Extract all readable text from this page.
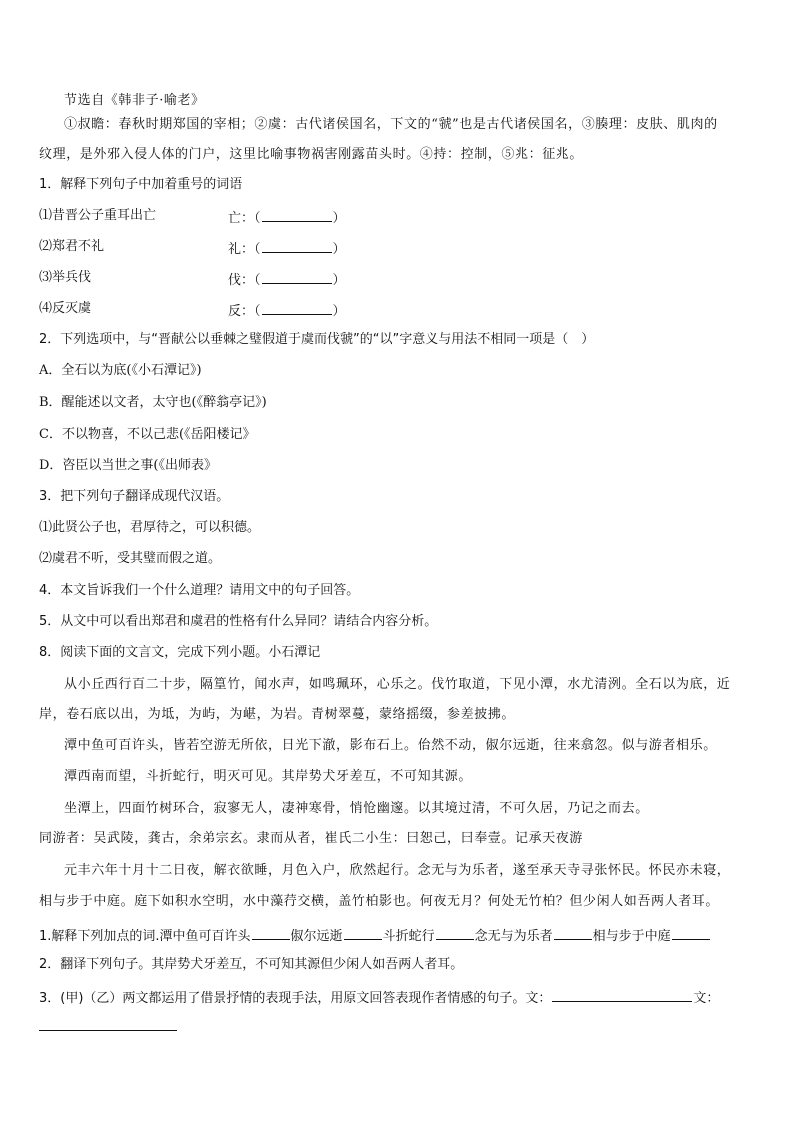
节选自《韩非子·喻老》
①叔瞻：春秋时期郑国的宰相；②虞：古代诸侯国名，下文的“虢”也是古代诸侯国名，③腠理：皮肤、肌肉的
纹理，是外邪入侵人体的门户，这里比喻事物祸害刚露苗头时。④持：控制，⑤兆：征兆。
1．解释下列句子中加着重号的词语
⑴昔晋公子重耳出亡	亡：（	）
⑵郑君不礼	礼：（	）
⑶举兵伐	伐：（	）
⑷反灭虞	反：（	）
2．下列选项中，与“晋献公以垂棘之璧假道于虞而伐虢”的“以”字意义与用法不相同一项是（　）
A．全石以为底(《小石潭记》)
B．醒能述以文者，太守也(《醉翁亭记》)
C．不以物喜，不以己悲(《岳阳楼记》
D．咨臣以当世之事(《出师表》
3．把下列句子翻译成现代汉语。
⑴此贤公子也，君厚待之，可以积德。
⑵虞君不听，受其璧而假之道。
4．本文旨诉我们一个什么道理？请用文中的句子回答。
5．从文中可以看出郑君和虞君的性格有什么异同？请结合内容分析。
8．阅读下面的文言文，完成下列小题。小石潭记
从小丘西行百二十步，隔篁竹，闻水声，如鸣珮环，心乐之。伐竹取道，下见小潭，水尤清洌。全石以为底，近
岸，卷石底以出，为坻，为屿，为嵁，为岩。青树翠蔓，蒙络摇缀，参差披拂。
潭中鱼可百许头，皆若空游无所依，日光下澈，影布石上。佁然不动，俶尔远逝，往来翕忽。似与游者相乐。
潭西南而望，斗折蛇行，明灭可见。其岸势犬牙差互，不可知其源。
坐潭上，四面竹树环合，寂寥无人，凄神寒骨，悄怆幽邃。以其境过清，不可久居，乃记之而去。
同游者：吴武陵，龚古，余弟宗玄。隶而从者，崔氏二小生：曰恕己，曰奉壹。记承天夜游
元丰六年十月十二日夜，解衣欲睡，月色入户，欣然起行。念无与为乐者，遂至承天寺寻张怀民。怀民亦未寝，
相与步于中庭。庭下如积水空明，水中藻荇交横，盖竹柏影也。何夜无月？何处无竹柏？但少闲人如吾两人者耳。
1.解释下列加点的词.潭中鱼可百许头	俶尔远逝	斗折蛇行	念无与为乐者	相与步于中庭
2．翻译下列句子。其岸势犬牙差互，不可知其源但少闲人如吾两人者耳。
3．(甲)（乙）两文都运用了借景抒情的表现手法，用原文回答表现作者情感的句子。文：	文：
